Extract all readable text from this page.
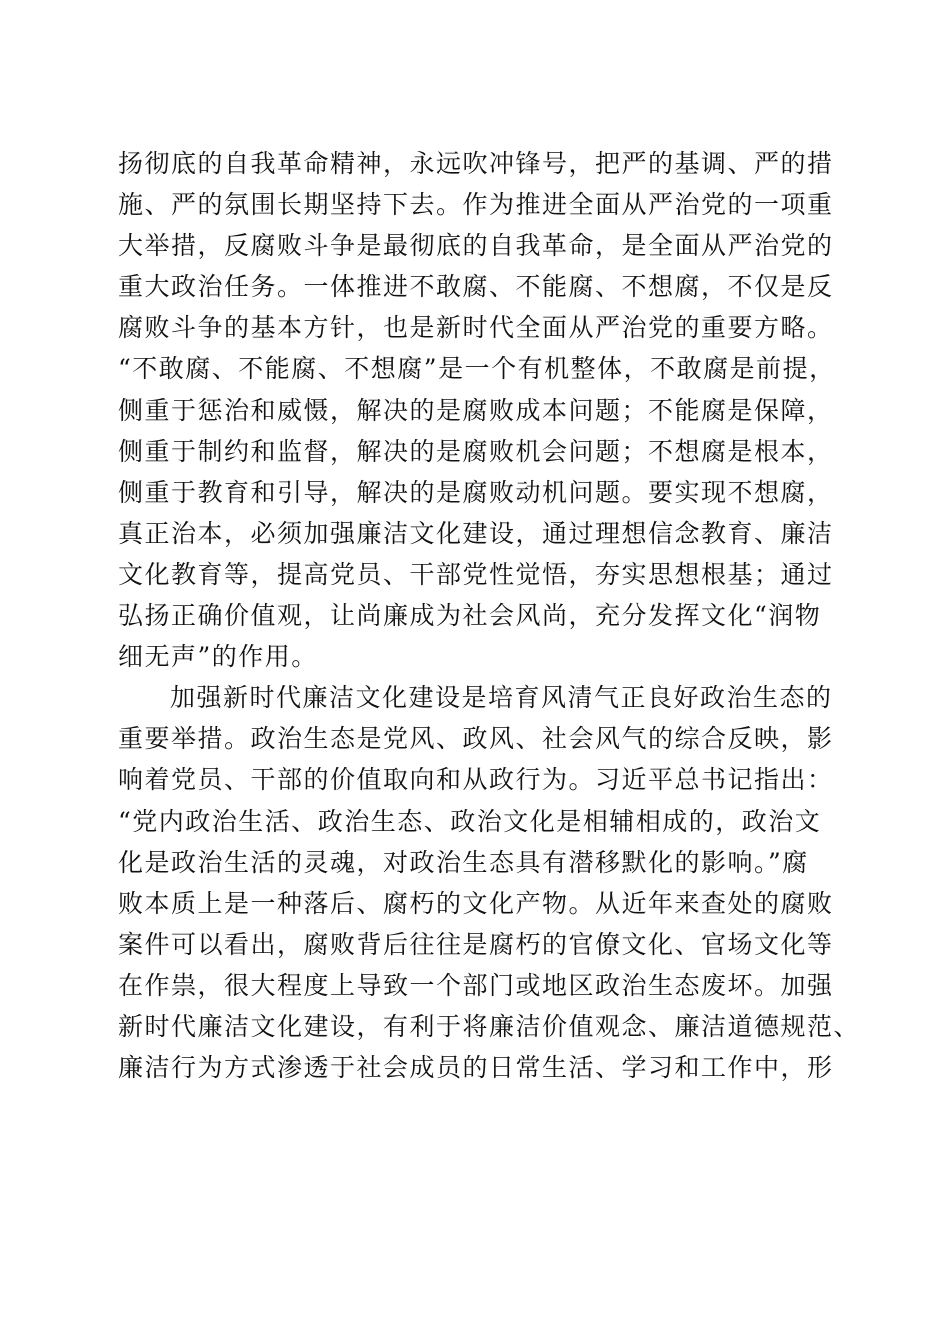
扬彻底的自我革命精神，永远吹冲锋号，把严的基调、严的措
施、严的氛围长期坚持下去。作为推进全面从严治党的一项重
大举措，反腐败斗争是最彻底的自我革命，是全面从严治党的
重大政治任务。一体推进不敢腐、不能腐、不想腐，不仅是反
腐败斗争的基本方针，也是新时代全面从严治党的重要方略。
“不敢腐、不能腐、不想腐”是一个有机整体，不敢腐是前提，
侧重于惩治和威慑，解决的是腐败成本问题；不能腐是保障，
侧重于制约和监督，解决的是腐败机会问题；不想腐是根本，
侧重于教育和引导，解决的是腐败动机问题。要实现不想腐，
真正治本，必须加强廉洁文化建设，通过理想信念教育、廉洁
文化教育等，提高党员、干部党性觉悟，夯实思想根基；通过
弘扬正确价值观，让尚廉成为社会风尚，充分发挥文化“润物
细无声”的作用。
加强新时代廉洁文化建设是培育风清气正良好政治生态的
重要举措。政治生态是党风、政风、社会风气的综合反映，影
响着党员、干部的价值取向和从政行为。习近平总书记指出：
“党内政治生活、政治生态、政治文化是相辅相成的，政治文
化是政治生活的灵魂，对政治生态具有潜移默化的影响。”腐
败本质上是一种落后、腐朽的文化产物。从近年来查处的腐败
案件可以看出，腐败背后往往是腐朽的官僚文化、官场文化等
在作祟，很大程度上导致一个部门或地区政治生态废坏。加强
新时代廉洁文化建设，有利于将廉洁价值观念、廉洁道德规范、
廉洁行为方式渗透于社会成员的日常生活、学习和工作中，形
